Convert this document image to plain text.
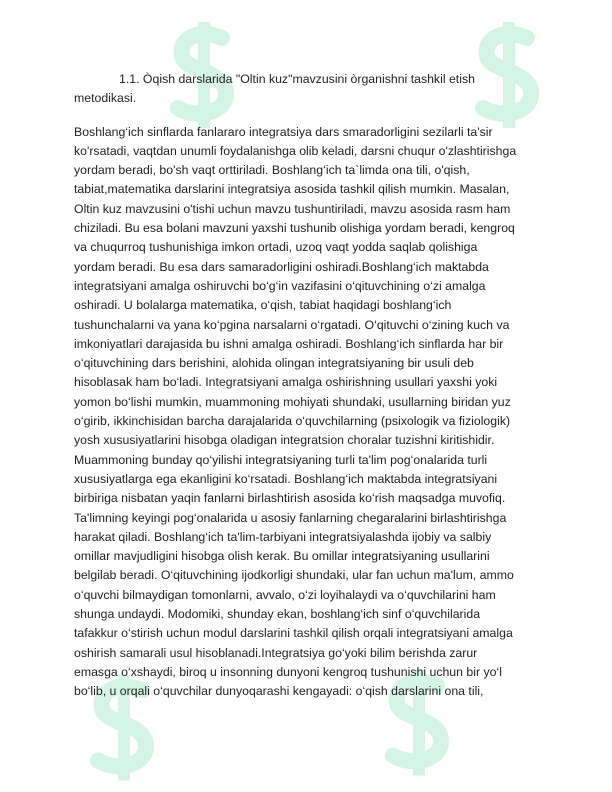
1.1. Òqish darslarida "Oltin kuz"mavzusini òrganishni tashkil etish
metodikasi.
Boshlang‘ich sinflarda fanlararo integratsiya dars smaradorligini sezilarli ta'sir
ko'rsatadi, vaqtdan unumli foydalanishga olib keladi, darsni chuqur o'zlashtirishga
yordam beradi, bo'sh vaqt orttiriladi. Boshlang‘ich ta`limda ona tili, o'qish,
tabiat,matematika darslarini integratsiya asosida tashkil qilish mumkin. Masalan,
Oltin kuz mavzusini o'tishi uchun mavzu tushuntiriladi, mavzu asosida rasm ham
chiziladi. Bu esa bolani mavzuni yaxshi tushunib olishiga yordam beradi, kengroq
va chuqurroq tushunishiga imkon ortadi, uzoq vaqt yodda saqlab qolishiga
yordam beradi. Bu esa dars samaradorligini oshiradi.Boshlang‘ich maktabda
integratsiyani amalga oshiruvchi bo‘g‘in vazifasini o‘qituvchining o‘zi amalga
oshiradi. U bolalarga matematika, o‘qish, tabiat haqidagi boshlang‘ich
tushunchalarni va yana ko‘pgina narsalarni o‘rgatadi. O‘qituvchi o‘zining kuch va
imkoniyatlari darajasida bu ishni amalga oshiradi. Boshlang‘ich sinflarda har bir
o‘qituvchining dars berishini, alohida olingan integratsiyaning bir usuli deb
hisoblasak ham bo‘ladi. Integratsiyani amalga oshirishning usullari yaxshi yoki
yomon bo‘lishi mumkin, muammoning mohiyati shundaki, usullarning biridan yuz
o‘girib, ikkinchisidan barcha darajalarida o‘quvchilarning (psixologik va fiziologik)
yosh xususiyatlarini hisobga oladigan integratsion choralar tuzishni kiritishidir.
Muammoning bunday qo‘yilishi integratsiyaning turli ta'lim pog‘onalarida turli
xususiyatlarga ega ekanligini ko‘rsatadi. Boshlang‘ich maktabda integratsiyani
birbiriga nisbatan yaqin fanlarni birlashtirish asosida ko‘rish maqsadga muvofiq.
Ta'limning keyingi pog‘onalarida u asosiy fanlarning chegaralarini birlashtirishga
harakat qiladi. Boshlang‘ich ta'lim-tarbiyani integratsiyalashda ijobiy va salbiy
omillar mavjudligini hisobga olish kerak. Bu omillar integratsiyaning usullarini
belgilab beradi. O‘qituvchining ijodkorligi shundaki, ular fan uchun ma'lum, ammo
o‘quvchi bilmaydigan tomonlarni, avvalo, o‘zi loyihalaydi va o‘quvchilarini ham
shunga undaydi. Modomiki, shunday ekan, boshlang‘ich sinf o‘quvchilarida
tafakkur o‘stirish uchun modul darslarini tashkil qilish orqali integratsiyani amalga
oshirish samarali usul hisoblanadi.Integratsiya go‘yoki bilim berishda zarur
emasga o‘xshaydi, biroq u insonning dunyoni kengroq tushunishi uchun bir yo‘l
bo‘lib, u orqali o‘quvchilar dunyoqarashi kengayadi: o‘qish darslarini ona tili,
